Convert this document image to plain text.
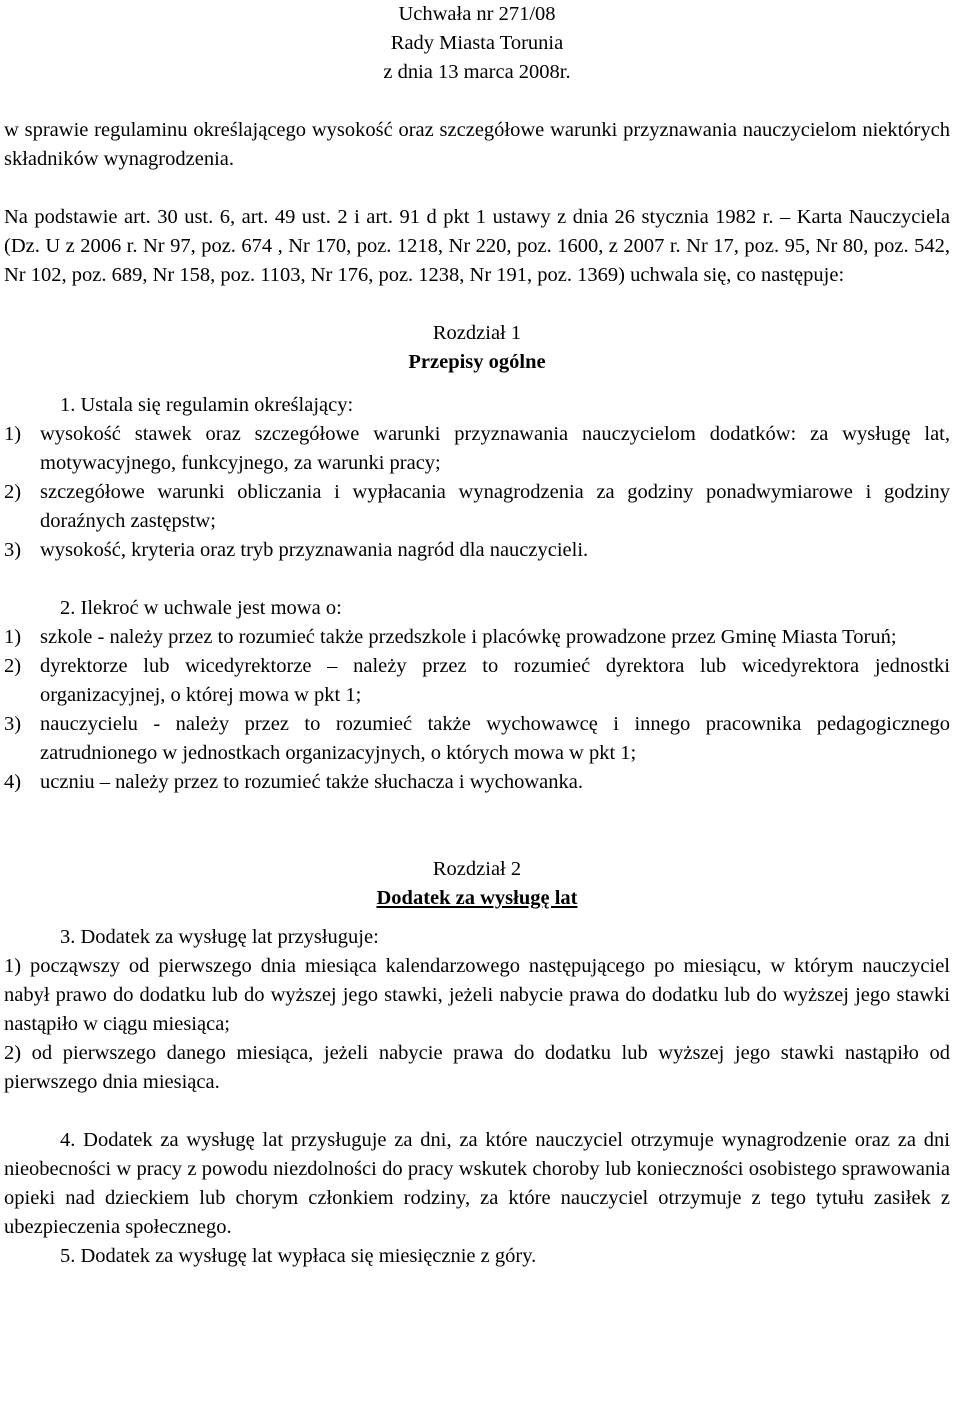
Uchwała nr 271/08
Rady Miasta Torunia
z dnia 13 marca 2008r.
w sprawie regulaminu określającego wysokość oraz szczegółowe warunki przyznawania nauczycielom niektórych składników wynagrodzenia.
Na podstawie art. 30 ust. 6, art. 49 ust. 2 i art. 91 d pkt 1 ustawy z dnia 26 stycznia 1982 r. – Karta Nauczyciela (Dz. U z 2006 r. Nr 97, poz. 674 , Nr 170, poz. 1218, Nr 220, poz. 1600, z 2007 r. Nr 17, poz. 95, Nr 80, poz. 542, Nr 102, poz. 689, Nr 158, poz. 1103, Nr 176, poz. 1238, Nr 191, poz. 1369) uchwala się, co następuje:
Rozdział 1
Przepisy ogólne
1. Ustala się regulamin określający:
1) wysokość stawek oraz szczegółowe warunki przyznawania nauczycielom dodatków: za wysługę lat, motywacyjnego, funkcyjnego, za warunki pracy;
2) szczegółowe warunki obliczania i wypłacania wynagrodzenia za godziny ponadwymiarowe i godziny doraźnych zastępstw;
3) wysokość, kryteria oraz tryb przyznawania nagród dla nauczycieli.
2. Ilekroć w uchwale jest mowa o:
1) szkole - należy przez to rozumieć także przedszkole i placówkę prowadzone przez Gminę Miasta Toruń;
2) dyrektorze lub wicedyrektorze – należy przez to rozumieć dyrektora lub wicedyrektora jednostki organizacyjnej, o której mowa w pkt 1;
3) nauczycielu - należy przez to rozumieć także wychowawcę i innego pracownika pedagogicznego zatrudnionego w jednostkach organizacyjnych, o których mowa w pkt 1;
4) uczniu – należy przez to rozumieć także słuchacza i wychowanka.
Rozdział 2
Dodatek za wysługę lat
3. Dodatek za wysługę lat przysługuje:
1) począwszy od pierwszego dnia miesiąca kalendarzowego następującego po miesiącu, w którym nauczyciel nabył prawo do dodatku lub do wyższej jego stawki, jeżeli nabycie prawa do dodatku lub do wyższej jego stawki nastąpiło w ciągu miesiąca;
2) od pierwszego danego miesiąca, jeżeli nabycie prawa do dodatku lub wyższej jego stawki nastąpiło od pierwszego dnia miesiąca.
4. Dodatek za wysługę lat przysługuje za dni, za które nauczyciel otrzymuje wynagrodzenie oraz za dni nieobecności w pracy z powodu niezdolności do pracy wskutek choroby lub konieczności osobistego sprawowania opieki nad dzieckiem lub chorym członkiem rodziny, za które nauczyciel otrzymuje z tego tytułu zasiłek z ubezpieczenia społecznego.
5. Dodatek za wysługę lat wypłaca się miesięcznie z góry.
